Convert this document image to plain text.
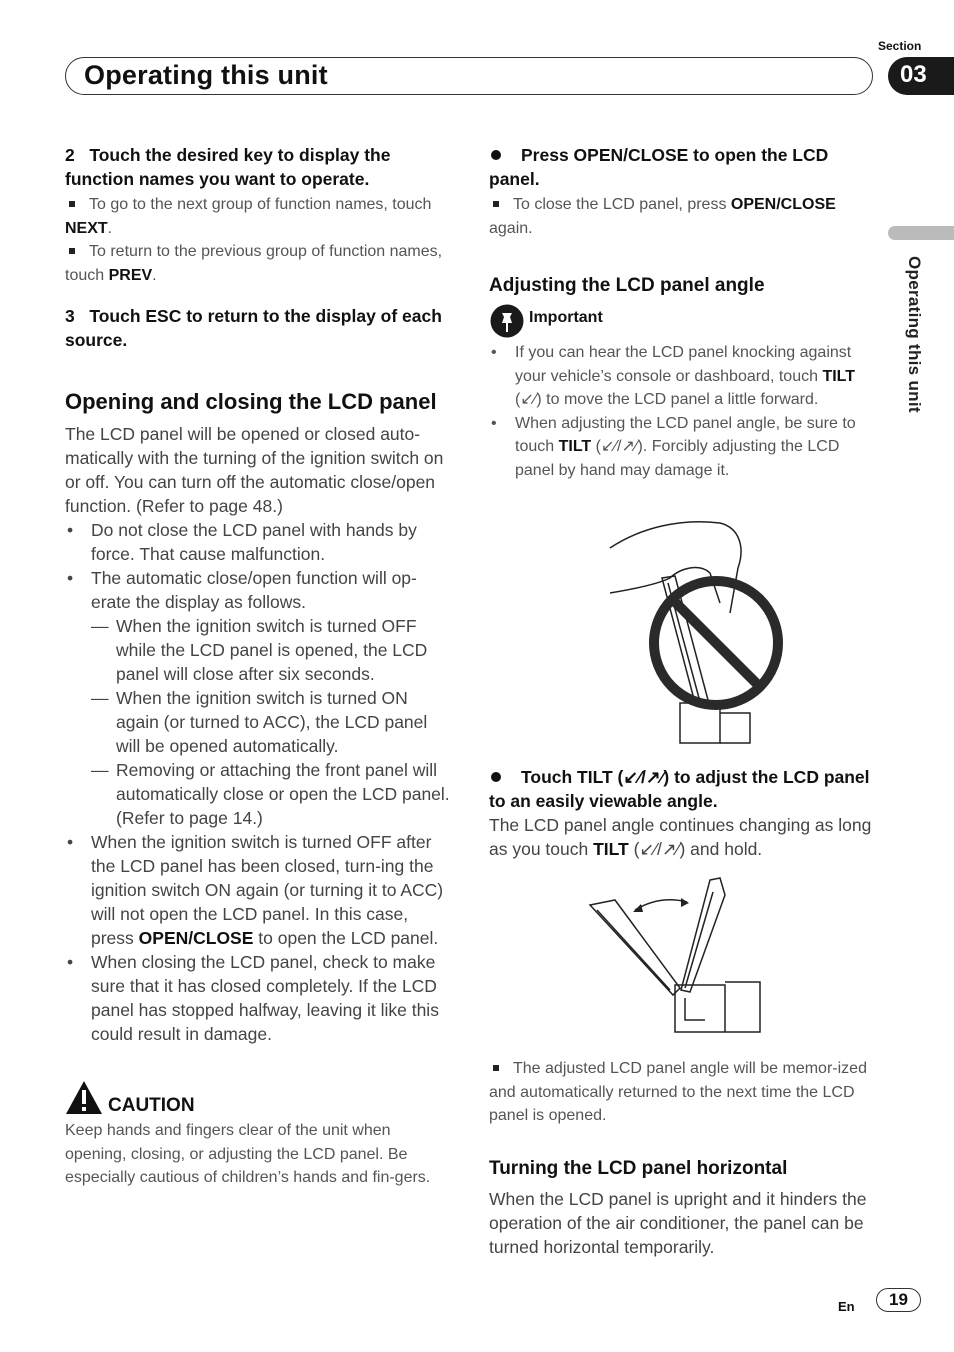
Section
Operating this unit	03
Operating this unit

2   Touch the desired key to display the function names you want to operate.

To go to the next group of function names, touch NEXT.

To return to the previous group of function names, touch PREV.

3   Touch ESC to return to the display of each source.

Opening and closing the LCD panel

The LCD panel will be opened or closed auto-matically with the turning of the ignition switch on or off. You can turn off the automatic close/open function. (Refer to page 48.)

• Do not close the LCD panel with hands by force. That cause malfunction.

• The automatic close/open function will op-erate the display as follows.

— When the ignition switch is turned OFF while the LCD panel is opened, the LCD panel will close after six seconds.

— When the ignition switch is turned ON again (or turned to ACC), the LCD panel will be opened automatically.

— Removing or attaching the front panel will automatically close or open the LCD panel. (Refer to page 14.)

• When the ignition switch is turned OFF after the LCD panel has been closed, turn-ing the ignition switch ON again (or turning it to ACC) will not open the LCD panel. In this case, press OPEN/CLOSE to open the LCD panel.

• When closing the LCD panel, check to make sure that it has closed completely. If the LCD panel has stopped halfway, leaving it like this could result in damage.

CAUTION
Keep hands and fingers clear of the unit when opening, closing, or adjusting the LCD panel. Be especially cautious of children’s hands and fin-gers.

Press OPEN/CLOSE to open the LCD panel.

To close the LCD panel, press OPEN/CLOSE again.

Adjusting the LCD panel angle

Important

• If you can hear the LCD panel knocking against your vehicle’s console or dashboard, touch TILT (↙∕) to move the LCD panel a little forward.

• When adjusting the LCD panel angle, be sure to touch TILT (↙∕/↗∕). Forcibly adjusting the LCD panel by hand may damage it.

Touch TILT (↙∕/↗∕) to adjust the LCD panel to an easily viewable angle.

The LCD panel angle continues changing as long as you touch TILT (↙∕/↗∕) and hold.

The adjusted LCD panel angle will be memor-ized and automatically returned to the next time the LCD panel is opened.
Turning the LCD panel horizontal
When the LCD panel is upright and it hinders the operation of the air conditioner, the panel can be turned horizontal temporarily.
En	19
